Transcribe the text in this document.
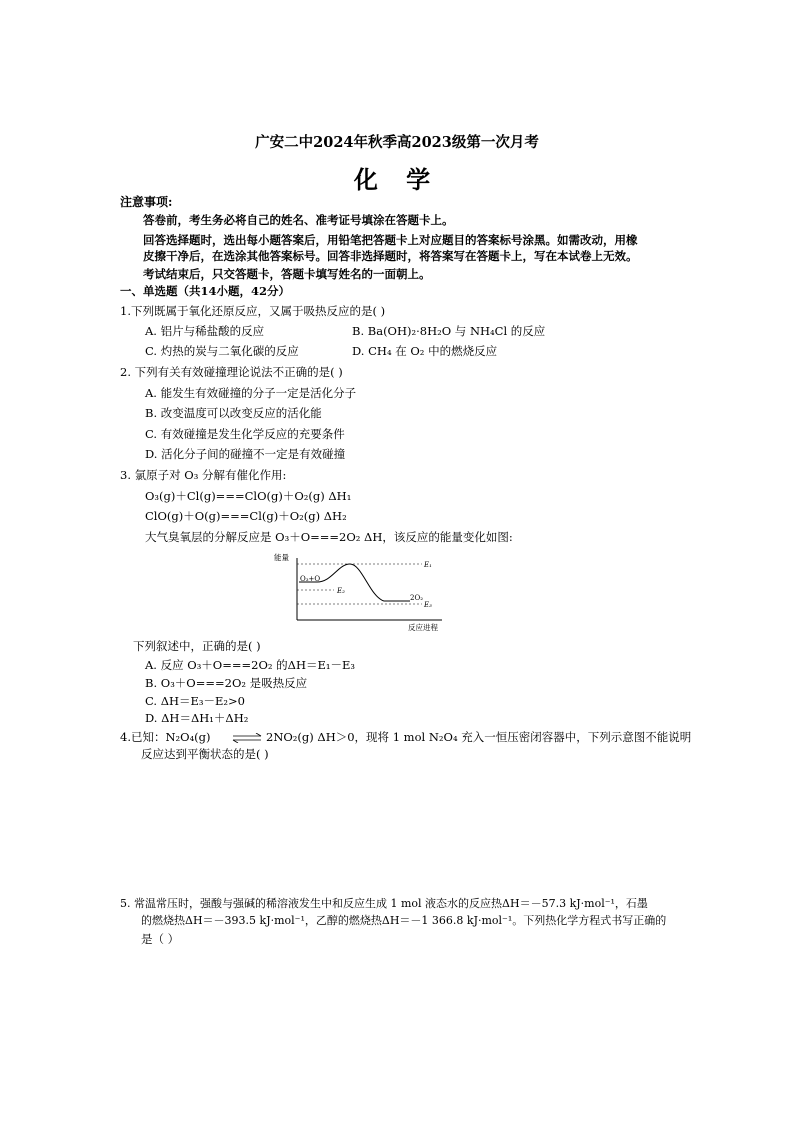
广安二中2024年秋季高2023级第一次月考
化 学
注意事项:
答卷前，考生务必将自己的姓名、准考证号填涂在答题卡上。
回答选择题时，选出每小题答案后，用铅笔把答题卡上对应题目的答案标号涂黑。如需改动，用橡
皮擦干净后，在选涂其他答案标号。回答非选择题时，将答案写在答题卡上，写在本试卷上无效。
考试结束后，只交答题卡，答题卡填写姓名的一面朝上。
一、单选题（共14小题，42分）
1.下列既属于氧化还原反应，又属于吸热反应的是( )
A. 铝片与稀盐酸的反应	B. Ba(OH)₂·8H₂O 与 NH₄Cl 的反应
C. 灼热的炭与二氧化碳的反应	D. CH₄ 在 O₂ 中的燃烧反应
2. 下列有关有效碰撞理论说法不正确的是( )
A. 能发生有效碰撞的分子一定是活化分子
B. 改变温度可以改变反应的活化能
C. 有效碰撞是发生化学反应的充要条件
D. 活化分子间的碰撞不一定是有效碰撞
3. 氯原子对 O₃ 分解有催化作用:
O₃(g)＋Cl(g)===ClO(g)＋O₂(g) ΔH₁
ClO(g)＋O(g)===Cl(g)＋O₂(g) ΔH₂
大气臭氧层的分解反应是 O₃＋O===2O₂ ΔH，该反应的能量变化如图:
能量
反应进程
E₁
E₂
E₃
O₃+O
2O₂
下列叙述中，正确的是( )
A. 反应 O₃＋O===2O₂ 的ΔH＝E₁－E₃
B. O₃＋O===2O₂ 是吸热反应
C. ΔH＝E₃－E₂>0
D. ΔH＝ΔH₁＋ΔH₂
4.已知：N₂O₄(g) ⇌ 2NO₂(g) ΔH＞0，现将 1 mol N₂O₄ 充入一恒压密闭容器中，下列示意图不能说明
反应达到平衡状态的是( )
5. 常温常压时，强酸与强碱的稀溶液发生中和反应生成 1 mol 液态水的反应热ΔH＝－57.3 kJ·mol⁻¹，石墨
的燃烧热ΔH＝－393.5 kJ·mol⁻¹，乙醇的燃烧热ΔH＝－1 366.8 kJ·mol⁻¹。下列热化学方程式书写正确的
是（ ）
